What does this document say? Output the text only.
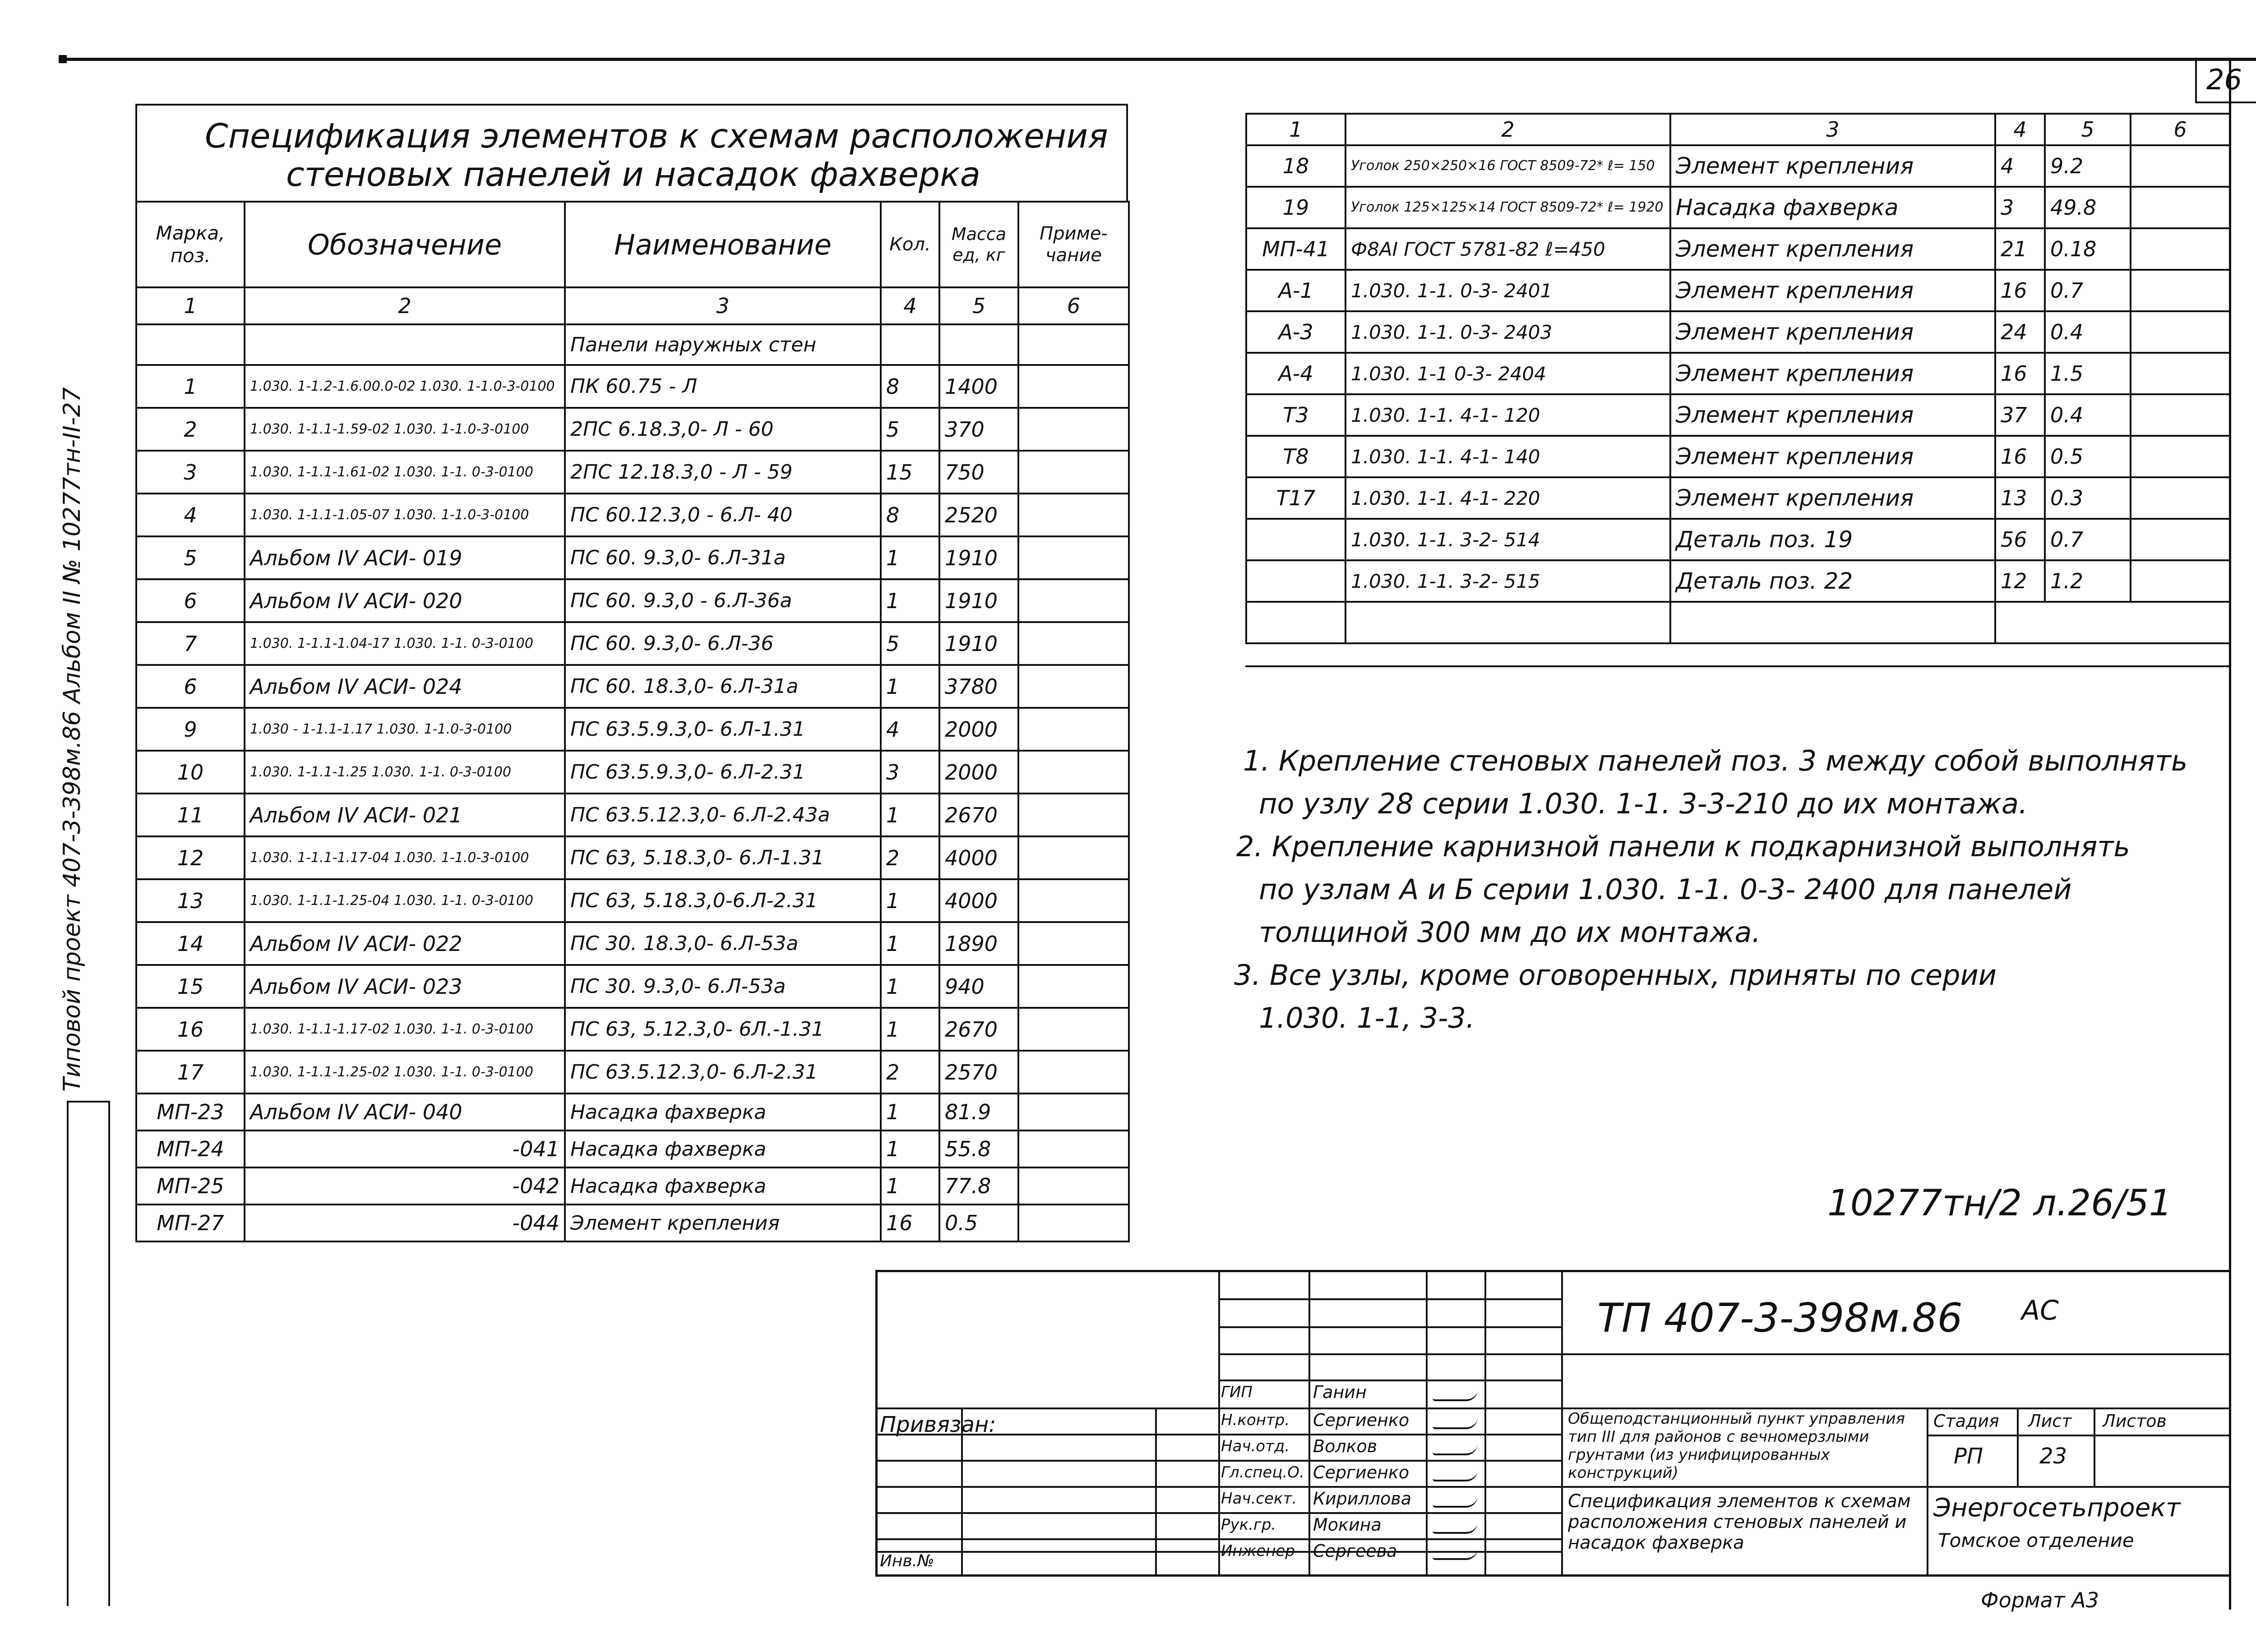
26
Типовой проект 407-3-398м.86 Альбом II № 10277тн-II-27
Спецификация элементов к схемам расположения
стеновых панелей и насадок фахверка
Марка, поз.	Обозначение	Наименование	Кол.	Масса ед, кг	Приме-чание
1	2	3	4	5	6
		Панели наружных стен			
1	1.030. 1-1.2-1.6.00.0-02 1.030. 1-1.0-3-0100	ПК 60.75 - Л	8	1400	
2	1.030. 1-1.1-1.59-02 1.030. 1-1.0-3-0100	2ПС 6.18.3,0- Л - 60	5	370	
3	1.030. 1-1.1-1.61-02 1.030. 1-1. 0-3-0100	2ПС 12.18.3,0 - Л - 59	15	750	
4	1.030. 1-1.1-1.05-07 1.030. 1-1.0-3-0100	ПС 60.12.3,0 - 6.Л- 40	8	2520	
5	Альбом IV АСИ- 019	ПС 60. 9.3,0- 6.Л-31а	1	1910	
6	Альбом IV АСИ- 020	ПС 60. 9.3,0 - 6.Л-36а	1	1910	
7	1.030. 1-1.1-1.04-17 1.030. 1-1. 0-3-0100	ПС 60. 9.3,0- 6.Л-36	5	1910	
6	Альбом IV АСИ- 024	ПС 60. 18.3,0- 6.Л-31а	1	3780	
9	1.030 - 1-1.1-1.17 1.030. 1-1.0-3-0100	ПС 63.5.9.3,0- 6.Л-1.31	4	2000	
10	1.030. 1-1.1-1.25 1.030. 1-1. 0-3-0100	ПС 63.5.9.3,0- 6.Л-2.31	3	2000	
11	Альбом IV АСИ- 021	ПС 63.5.12.3,0- 6.Л-2.43а	1	2670	
12	1.030. 1-1.1-1.17-04 1.030. 1-1.0-3-0100	ПС 63, 5.18.3,0- 6.Л-1.31	2	4000	
13	1.030. 1-1.1-1.25-04 1.030. 1-1. 0-3-0100	ПС 63, 5.18.3,0-6.Л-2.31	1	4000	
14	Альбом IV АСИ- 022	ПС 30. 18.3,0- 6.Л-53а	1	1890	
15	Альбом IV АСИ- 023	ПС 30. 9.3,0- 6.Л-53а	1	940	
16	1.030. 1-1.1-1.17-02 1.030. 1-1. 0-3-0100	ПС 63, 5.12.3,0- 6Л.-1.31	1	2670	
17	1.030. 1-1.1-1.25-02 1.030. 1-1. 0-3-0100	ПС 63.5.12.3,0- 6.Л-2.31	2	2570	
МП-23	Альбом IV АСИ- 040	Насадка фахверка	1	81.9	
МП-24	-041	Насадка фахверка	1	55.8	
МП-25	-042	Насадка фахверка	1	77.8	
МП-27	-044	Элемент крепления	16	0.5	
1	2	3	4	5	6
18	Уголок 250×250×16 ГОСТ 8509-72* ℓ= 150	Элемент крепления	4	9.2	
19	Уголок 125×125×14 ГОСТ 8509-72* ℓ= 1920	Насадка фахверка	3	49.8	
МП-41	Ф8АI ГОСТ 5781-82 ℓ=450	Элемент крепления	21	0.18	
А-1	1.030. 1-1. 0-3- 2401	Элемент крепления	16	0.7	
А-3	1.030. 1-1. 0-3- 2403	Элемент крепления	24	0.4	
А-4	1.030. 1-1 0-3- 2404	Элемент крепления	16	1.5	
Т3	1.030. 1-1. 4-1- 120	Элемент крепления	37	0.4	
Т8	1.030. 1-1. 4-1- 140	Элемент крепления	16	0.5	
Т17	1.030. 1-1. 4-1- 220	Элемент крепления	13	0.3	
	1.030. 1-1. 3-2- 514	Деталь поз. 19	56	0.7	
	1.030. 1-1. 3-2- 515	Деталь поз. 22	12	1.2	

1. Крепление стеновых панелей поз. 3 между собой выполнять
по узлу 28 серии 1.030. 1-1. 3-3-210 до их монтажа.
2. Крепление карнизной панели к подкарнизной выполнять
по узлам А и Б серии 1.030. 1-1. 0-3- 2400 для панелей
толщиной 300 мм до их монтажа.
3. Все узлы, кроме оговоренных, приняты по серии
1.030. 1-1, 3-3.
10277тн/2 л.26/51
ТП 407-3-398м.86 АС
Привязан:
Инв.№
ГИП	Ганин
Н.контр. Сергиенко
Нач.отд. Волков
Гл.спец.О. Сергиенко
Нач.сект. Кириллова
Рук.гр. Мокина
Инженер Сергеева
Общеподстанционный пункт управления тип III для районов с вечномерзлыми грунтами (из унифицированных конструкций)
Стадия Лист Листов
РП	23
Спецификация элементов к схемам расположения стеновых панелей и насадок фахверка
Энергосетьпроект
Томское отделение
Формат А3
